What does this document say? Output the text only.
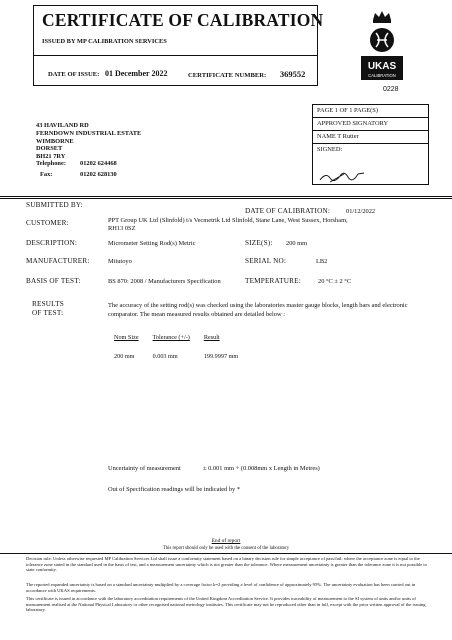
CERTIFICATE OF CALIBRATION
ISSUED BY MP CALIBRATION SERVICES
DATE OF ISSUE: 01 December 2022	CERTIFICATE NUMBER: 369552
UKAS
CALIBRATION
0228
43 HAVILAND RD
FERNDOWN INDUSTRIAL ESTATE
WIMBORNE
DORSET
BH21 7RY
Telephone: 01202 624468
Fax:	01202 628130
PAGE 1 OF 1 PAGE(S)
APPROVED SIGNATORY
NAME T Rutter
SIGNED:
SUBMITTED BY:
DATE OF CALIBRATION: 01/12/2022
CUSTOMER:	PPT Group UK Ltd (Slinfold) t/s Vecmetrik Ltd Slinfold, Stane Lane, West Sussex, Horsham,
RH13 0SZ
DESCRIPTION:	Micrometer Setting Rod(s) Metric	SIZE(S): 200 mm
MANUFACTURER:	Mitutoyo	SERIAL NO:	LB2
BASIS OF TEST:	BS 870: 2008 / Manufacturers Specification	TEMPERATURE:	20 °C ± 2 °C
RESULTS
OF TEST:
The accuracy of the setting rod(s) was checked using the laboratories master gauge blocks, length bars and electronic comparator. The mean measured results obtained are detailed below :
Nom Size	Tolerance (+/-)	Result
200 mm	0.003 mm	199.9997 mm
Uncertainty of measurement	± 0.001 mm + (0.008mm x Length in Metres)
Out of Specification readings will be indicated by *
End of report
This report should only be used with the consent of the laboratory
Decision rule: Unless otherwise requested MP Calibration Services Ltd shall issue a conformity statement based on a binary decision rule for simple acceptance of pass/fail; where the acceptance zone is equal to the tolerance zone stated in the standard used in the basis of test, and a measurement uncertainty which is not greater than the tolerance. Where measurement uncertainty is greater than the tolerance zone it is not possible to state conformity.
The reported expanded uncertainty is based on a standard uncertainty multiplied by a coverage factor k=2 providing a level of confidence of approximately 95%. The uncertainty evaluation has been carried out in accordance with UKAS requirements.
This certificate is issued in accordance with the laboratory accreditation requirements of the United Kingdom Accreditation Service. It provides traceability of measurement to the SI system of units and/or units of measurement realised at the National Physical Laboratory or other recognised national metrology institutes. This certificate may not be reproduced other than in full, except with the prior written approval of the issuing laboratory.
